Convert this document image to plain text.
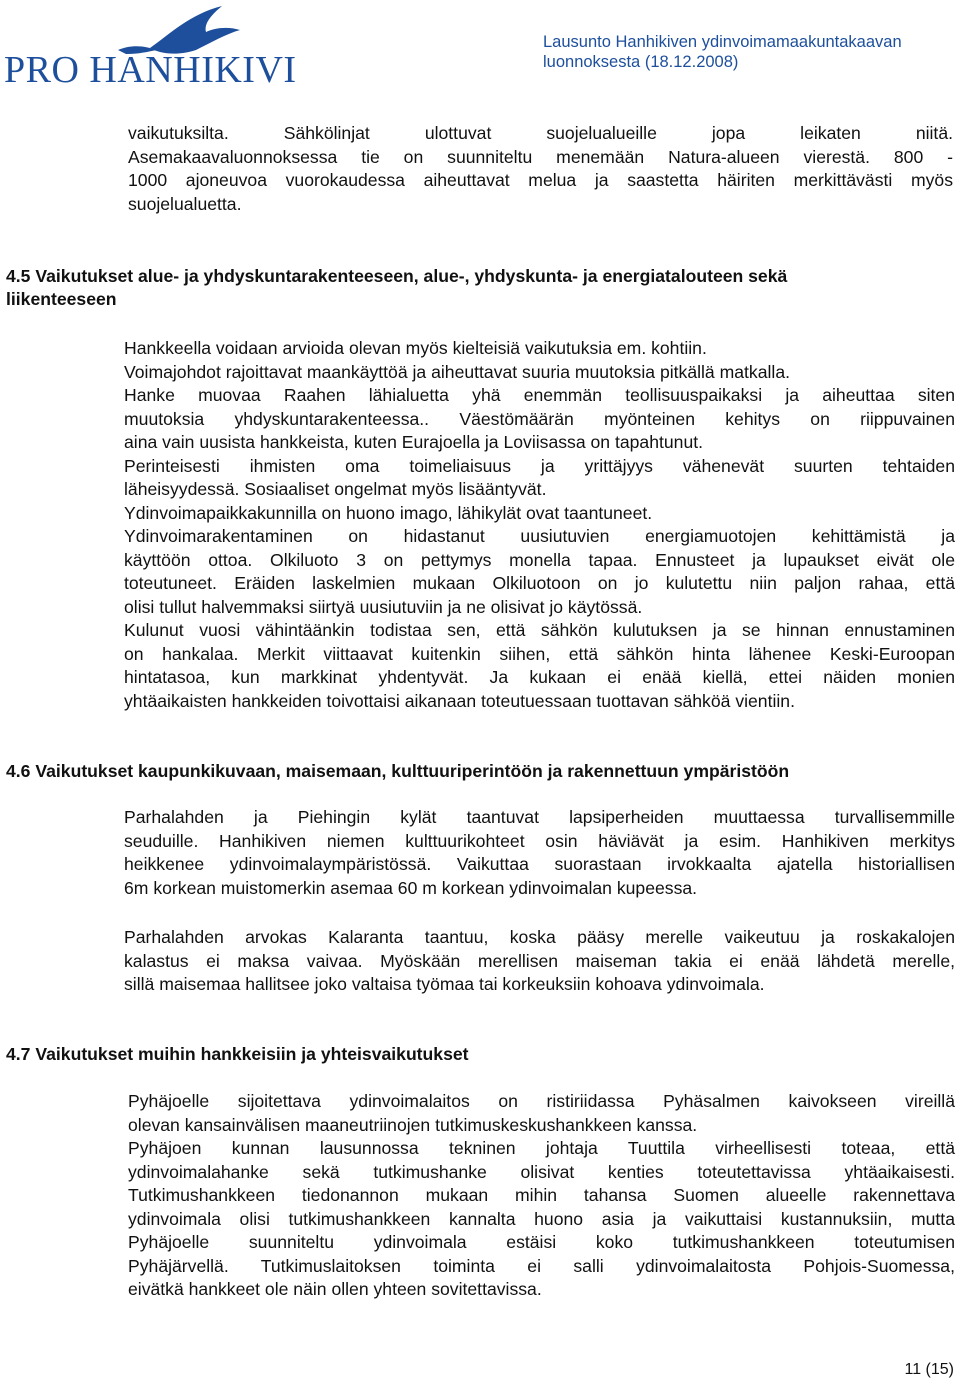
PRO HANHIKIVI
Lausunto Hanhikiven ydinvoimamaakuntakaavan
luonnoksesta (18.12.2008)
vaikutuksilta. Sähkölinjat ulottuvat suojelualueille jopa leikaten niitä.
Asemakaavaluonnoksessa tie on suunniteltu menemään Natura-alueen vierestä. 800 -
1000 ajoneuvoa vuorokaudessa aiheuttavat melua ja saastetta häiriten merkittävästi myös
suojelualuetta.
4.5 Vaikutukset alue- ja yhdyskuntarakenteeseen, alue-, yhdyskunta- ja energiatalouteen sekä
liikenteeseen
Hankkeella voidaan arvioida olevan myös kielteisiä vaikutuksia em. kohtiin.
Voimajohdot rajoittavat maankäyttöä ja aiheuttavat suuria muutoksia pitkällä matkalla.
Hanke muovaa Raahen lähialuetta yhä enemmän teollisuuspaikaksi ja aiheuttaa siten
muutoksia yhdyskuntarakenteessa.. Väestömäärän myönteinen kehitys on riippuvainen
aina vain uusista hankkeista, kuten Eurajoella ja Loviisassa on tapahtunut.
Perinteisesti ihmisten oma toimeliaisuus ja yrittäjyys vähenevät suurten tehtaiden
läheisyydessä. Sosiaaliset ongelmat myös lisääntyvät.
Ydinvoimapaikkakunnilla on huono imago, lähikylät ovat taantuneet.
Ydinvoimarakentaminen on hidastanut uusiutuvien energiamuotojen kehittämistä ja
käyttöön ottoa. Olkiluoto 3 on pettymys monella tapaa. Ennusteet ja lupaukset eivät ole
toteutuneet. Eräiden laskelmien mukaan Olkiluotoon on jo kulutettu niin paljon rahaa, että
olisi tullut halvemmaksi siirtyä uusiutuviin ja ne olisivat jo käytössä.
Kulunut vuosi vähintäänkin todistaa sen, että sähkön kulutuksen ja se hinnan ennustaminen
on hankalaa. Merkit viittaavat kuitenkin siihen, että sähkön hinta lähenee Keski-Euroopan
hintatasoa, kun markkinat yhdentyvät. Ja kukaan ei enää kiellä, ettei näiden monien
yhtäaikaisten hankkeiden toivottaisi aikanaan toteutuessaan tuottavan sähköä vientiin.
4.6 Vaikutukset kaupunkikuvaan, maisemaan, kulttuuriperintöön ja rakennettuun ympäristöön
Parhalahden ja Piehingin kylät taantuvat lapsiperheiden muuttaessa turvallisemmille
seuduille. Hanhikiven niemen kulttuurikohteet osin häviävät ja esim. Hanhikiven merkitys
heikkenee ydinvoimalaympäristössä. Vaikuttaa suorastaan irvokkaalta ajatella historiallisen
6m korkean muistomerkin asemaa 60 m korkean ydinvoimalan kupeessa.
Parhalahden arvokas Kalaranta taantuu, koska pääsy merelle vaikeutuu ja roskakalojen
kalastus ei maksa vaivaa. Myöskään merellisen maiseman takia ei enää lähdetä merelle,
sillä maisemaa hallitsee joko valtaisa työmaa tai korkeuksiin kohoava ydinvoimala.
4.7 Vaikutukset muihin hankkeisiin ja yhteisvaikutukset
Pyhäjoelle sijoitettava ydinvoimalaitos on ristiriidassa Pyhäsalmen kaivokseen vireillä
olevan kansainvälisen maaneutriinojen tutkimuskeskushankkeen kanssa.
Pyhäjoen kunnan lausunnossa tekninen johtaja Tuuttila virheellisesti toteaa, että
ydinvoimalahanke sekä tutkimushanke olisivat kenties toteutettavissa yhtäaikaisesti.
Tutkimushankkeen tiedonannon mukaan mihin tahansa Suomen alueelle rakennettava
ydinvoimala olisi tutkimushankkeen kannalta huono asia ja vaikuttaisi kustannuksiin, mutta
Pyhäjoelle suunniteltu ydinvoimala estäisi koko tutkimushankkeen toteutumisen
Pyhäjärvellä. Tutkimuslaitoksen toiminta ei salli ydinvoimalaitosta Pohjois-Suomessa,
eivätkä hankkeet ole näin ollen yhteen sovitettavissa.
11 (15)
